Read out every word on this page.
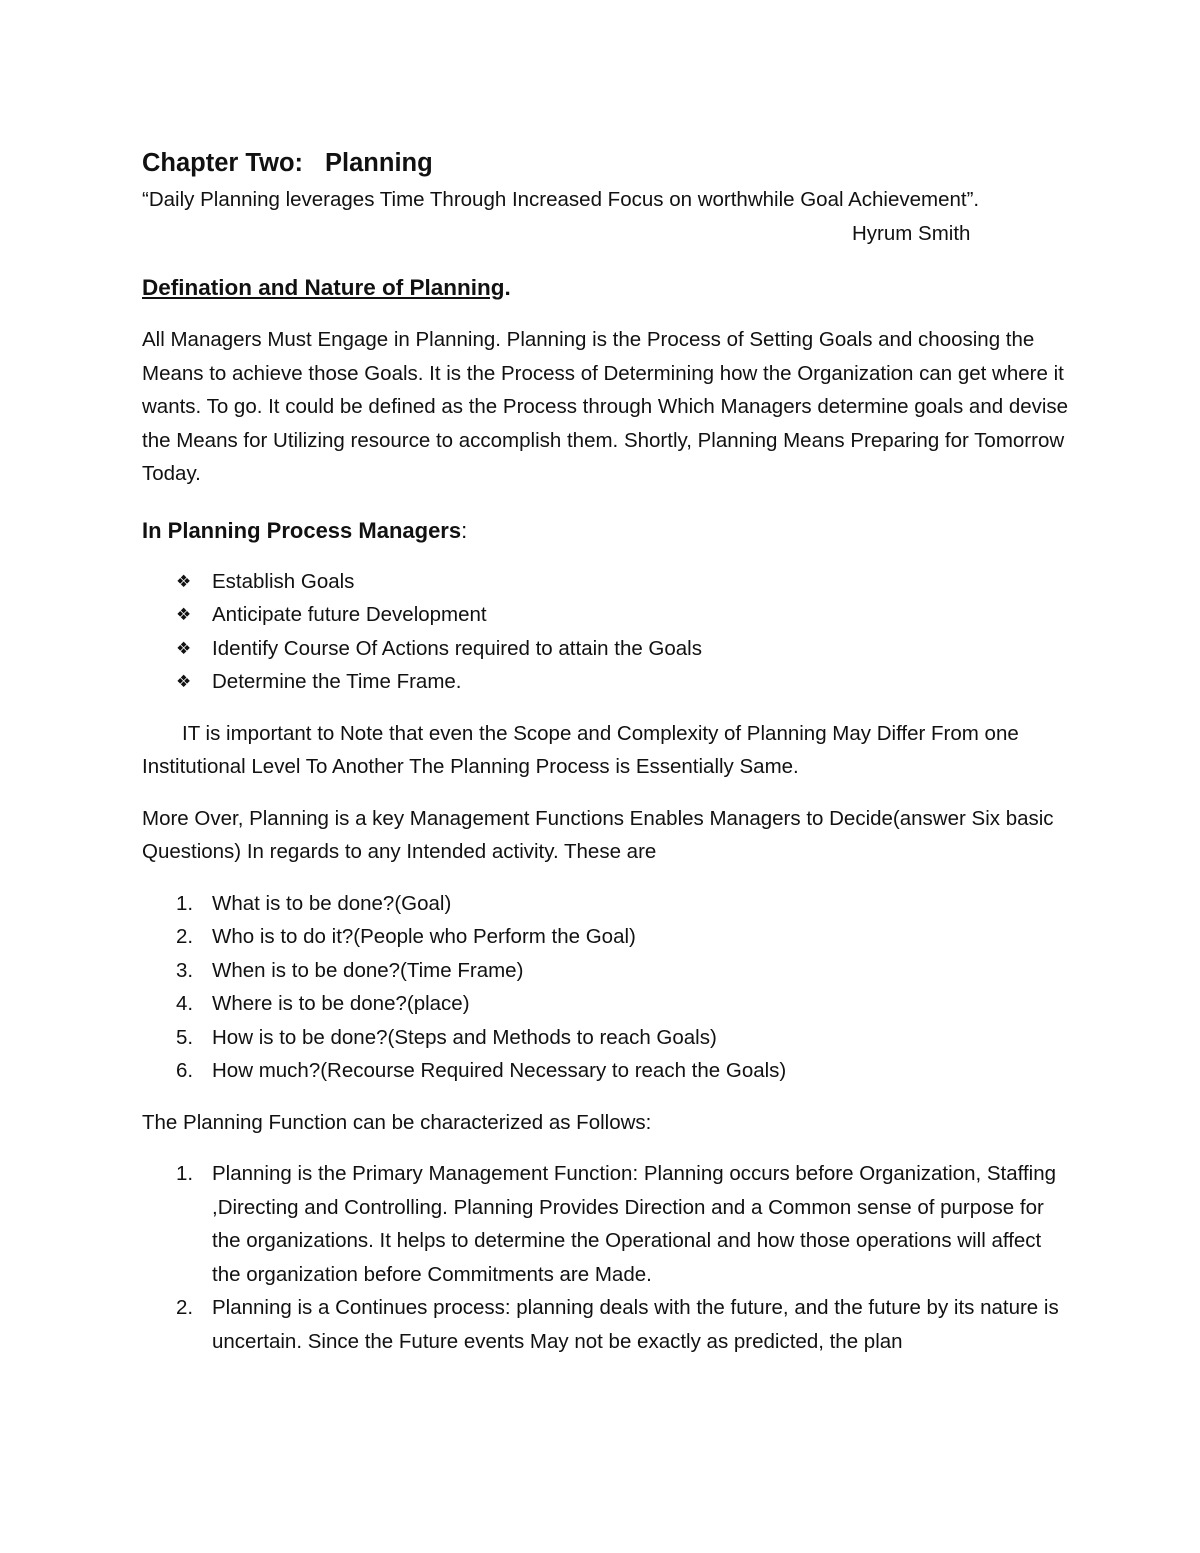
Chapter Two: Planning

“Daily Planning leverages Time Through Increased Focus on worthwhile Goal Achievement”.

Hyrum Smith

Defination and Nature of Planning.

All Managers Must Engage in Planning. Planning is the Process of Setting Goals and choosing the Means to achieve those Goals. It is the Process of Determining how the Organization can get where it wants. To go. It could be defined as the Process through Which Managers determine goals and devise the Means for Utilizing resource to accomplish them. Shortly, Planning Means Preparing for Tomorrow Today.

In Planning Process Managers:
❖ Establish Goals
❖ Anticipate future Development
❖ Identify Course Of Actions required to attain the Goals
❖ Determine the Time Frame.

IT is important to Note that even the Scope and Complexity of Planning May Differ From one Institutional Level To Another The Planning Process is Essentially Same.

More Over, Planning is a key Management Functions Enables Managers to Decide(answer Six basic Questions) In regards to any Intended activity. These are

1. What is to be done?(Goal)
2. Who is to do it?(People who Perform the Goal)
3. When is to be done?(Time Frame)
4. Where is to be done?(place)
5. How is to be done?(Steps and Methods to reach Goals)
6. How much?(Recourse Required Necessary to reach the Goals)

The Planning Function can be characterized as Follows:

1. Planning is the Primary Management Function: Planning occurs before Organization, Staffing ,Directing and Controlling. Planning Provides Direction and a Common sense of purpose for the organizations. It helps to determine the Operational and how those operations will affect the organization before Commitments are Made.
2. Planning is a Continues process: planning deals with the future, and the future by its nature is uncertain. Since the Future events May not be exactly as predicted, the plan
